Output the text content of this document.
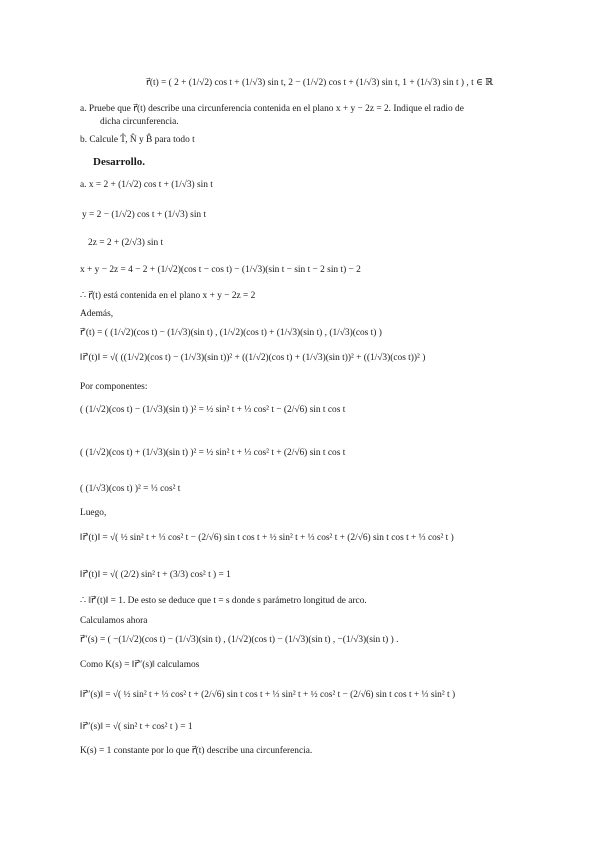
r⃗(t) = ( 2 + (1/√2) cos t + (1/√3) sin t, 2 − (1/√2) cos t + (1/√3) sin t, 1 + (1/√3) sin t ) , t ∈ ℝ
a. Pruebe que r⃗(t) describe una circunferencia contenida en el plano x + y − 2z = 2. Indique el radio de
dicha circunferencia.
b. Calcule T̂, N̂ y B̂ para todo t
Desarrollo.
a. x = 2 + (1/√2) cos t + (1/√3) sin t
y = 2 − (1/√2) cos t + (1/√3) sin t
2z = 2 + (2/√3) sin t
x + y − 2z = 4 − 2 + (1/√2)(cos t − cos t) − (1/√3)(sin t − sin t − 2 sin t) − 2
∴ r⃗(t) está contenida en el plano x + y − 2z = 2
Además,
r⃗′(t) = ( (1/√2)(cos t) − (1/√3)(sin t) , (1/√2)(cos t) + (1/√3)(sin t) , (1/√3)(cos t) )
‖r⃗′(t)‖ = √( ((1/√2)(cos t) − (1/√3)(sin t))² + ((1/√2)(cos t) + (1/√3)(sin t))² + ((1/√3)(cos t))² )
Por componentes:
( (1/√2)(cos t) − (1/√3)(sin t) )² = ½ sin² t + ⅓ cos² t − (2/√6) sin t cos t
( (1/√2)(cos t) + (1/√3)(sin t) )² = ½ sin² t + ⅓ cos² t + (2/√6) sin t cos t
( (1/√3)(cos t) )² = ⅓ cos² t
Luego,
‖r⃗′(t)‖ = √( ½ sin² t + ⅓ cos² t − (2/√6) sin t cos t + ½ sin² t + ⅓ cos² t + (2/√6) sin t cos t + ⅓ cos² t )
‖r⃗′(t)‖ = √( (2/2) sin² t + (3/3) cos² t ) = 1
∴ ‖r⃗′(t)‖ = 1. De esto se deduce que t = s donde s parámetro longitud de arco.
Calculamos ahora
r⃗″(s) = ( −(1/√2)(cos t) − (1/√3)(sin t) , (1/√2)(cos t) − (1/√3)(sin t) , −(1/√3)(sin t) ) .
Como K(s) = ‖r⃗″(s)‖ calculamos
‖r⃗″(s)‖ = √( ½ sin² t + ⅓ cos² t + (2/√6) sin t cos t + ⅓ sin² t + ½ cos² t − (2/√6) sin t cos t + ⅓ sin² t )
‖r⃗″(s)‖ = √( sin² t + cos² t ) = 1
K(s) = 1 constante por lo que r⃗(t) describe una circunferencia.
